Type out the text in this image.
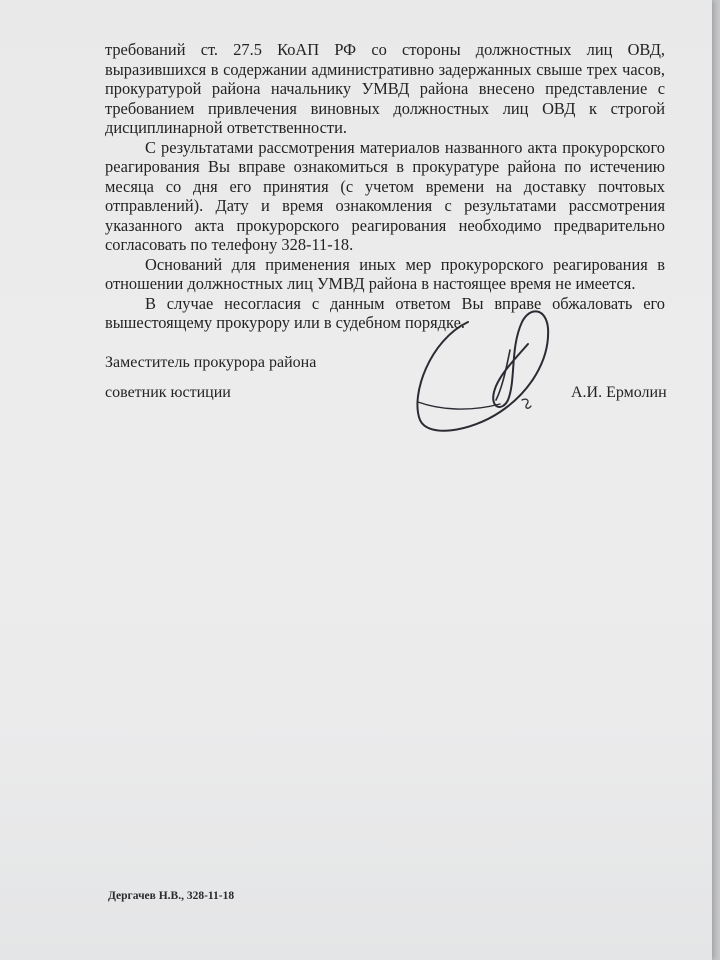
требований ст. 27.5 КоАП РФ со стороны должностных лиц ОВД, выразившихся в содержании административно задержанных свыше трех часов, прокуратурой района начальнику УМВД района внесено представление с требованием привлечения виновных должностных лиц ОВД к строгой дисциплинарной ответственности.

С результатами рассмотрения материалов названного акта прокурорского реагирования Вы вправе ознакомиться в прокуратуре района по истечению месяца со дня его принятия (с учетом времени на доставку почтовых отправлений). Дату и время ознакомления с результатами рассмотрения указанного акта прокурорского реагирования необходимо предварительно согласовать по телефону 328-11-18.

Оснований для применения иных мер прокурорского реагирования в отношении должностных лиц УМВД района в настоящее время не имеется.

В случае несогласия с данным ответом Вы вправе обжаловать его вышестоящему прокурору или в судебном порядке.

Заместитель прокурора района
советник юстиции	А.И. Ермолин
Дергачев Н.В., 328-11-18
